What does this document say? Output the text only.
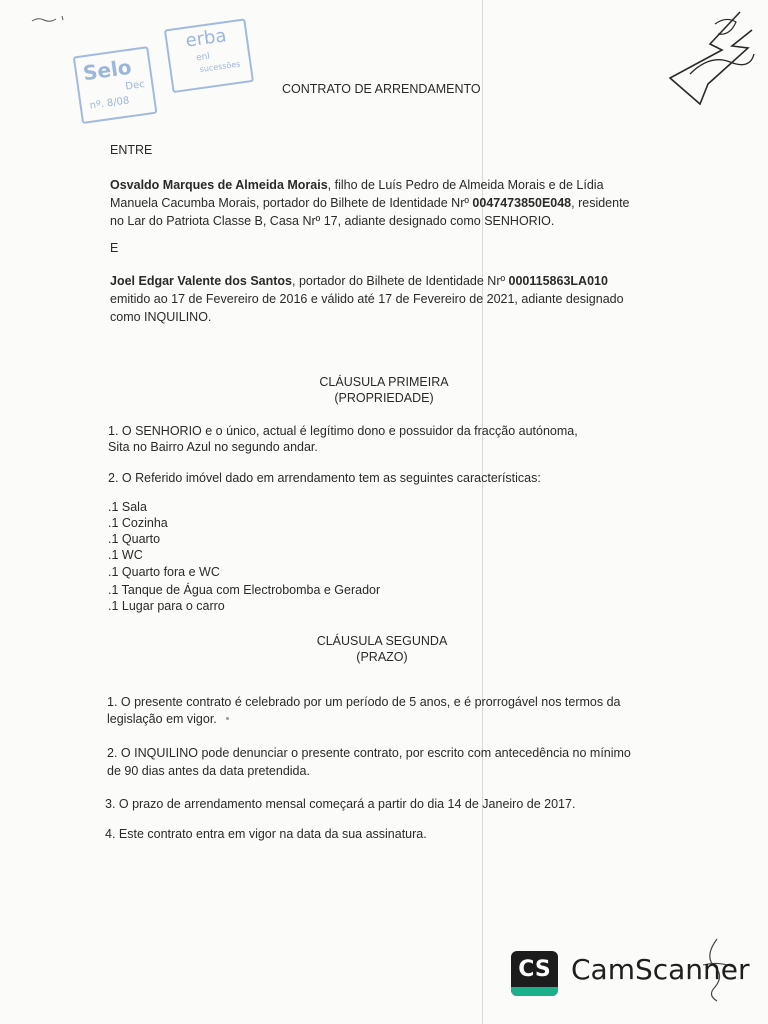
Selo
Dec
nº. 8/08
erba
enl
sucessões
CONTRATO DE ARRENDAMENTO
ENTRE
Osvaldo Marques de Almeida Morais, filho de Luís Pedro de Almeida Morais e de Lídia
Manuela Cacumba Morais, portador do Bilhete de Identidade Nrº 0047473850E048, residente
no Lar do Patriota Classe B, Casa Nrº 17, adiante designado como SENHORIO.
E
Joel Edgar Valente dos Santos, portador do Bilhete de Identidade Nrº 000115863LA010
emitido ao 17 de Fevereiro de 2016 e válido até 17 de Fevereiro de 2021, adiante designado
como INQUILINO.
CLÁUSULA PRIMEIRA
(PROPRIEDADE)
1. O SENHORIO e o único, actual é legítimo dono e possuidor da fracção autónoma,
Sita no Bairro Azul no segundo andar.
2. O Referido imóvel dado em arrendamento tem as seguintes características:
.1 Sala
.1 Cozinha
.1 Quarto
.1 WC
.1 Quarto fora e WC
.1 Tanque de Água com Electrobomba e Gerador
.1 Lugar para o carro
CLÁUSULA SEGUNDA
(PRAZO)
1. O presente contrato é celebrado por um período de 5 anos, e é prorrogável nos termos da
legislação em vigor.
2. O INQUILINO pode denunciar o presente contrato, por escrito com antecedência no mínimo
de 90 dias antes da data pretendida.
3. O prazo de arrendamento mensal começará a partir do dia 14 de Janeiro de 2017.
4. Este contrato entra em vigor na data da sua assinatura.
CS CamScanner
